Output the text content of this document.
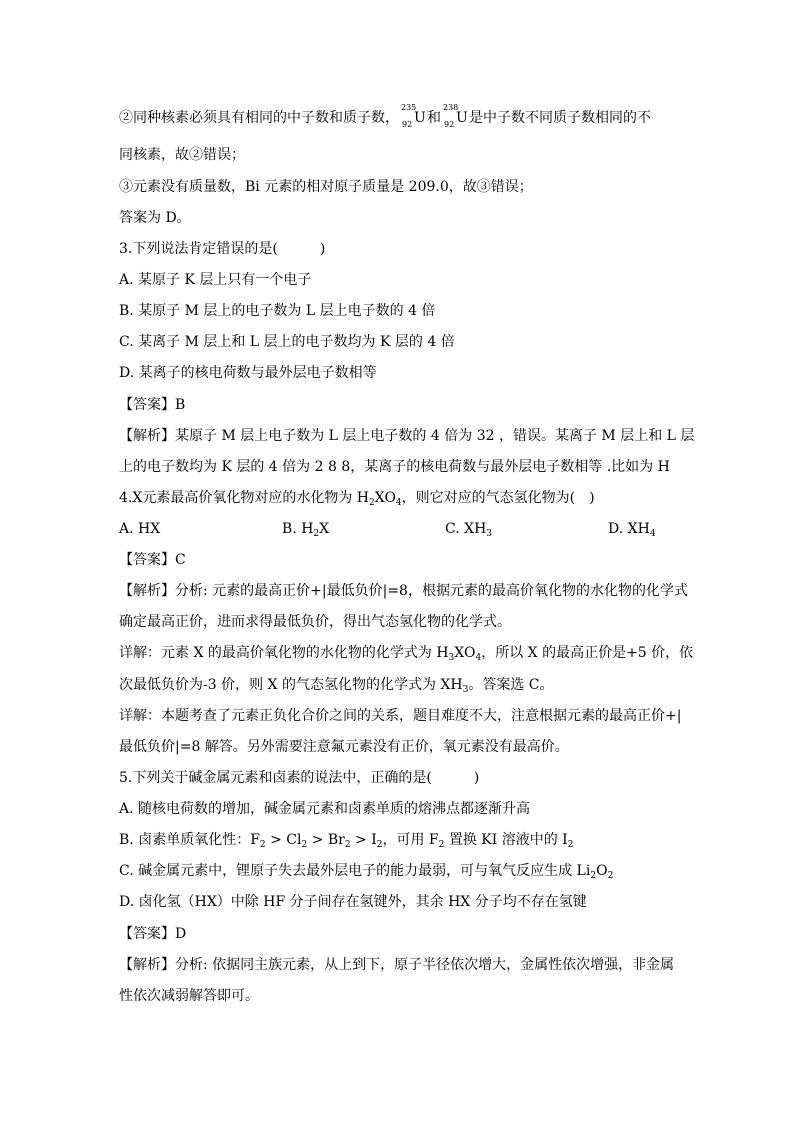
②同种核素必须具有相同的中子数和质子数，
235
92 U 和
238
92 U 是中子数不同质子数相同的不
同核素，故②错误；
③元素没有质量数，Bi 元素的相对原子质量是 209.0，故③错误；
答案为 D。
3.下列说法肯定错误的是(　　　)
A. 某原子 K 层上只有一个电子
B. 某原子 M 层上的电子数为 L 层上电子数的 4 倍
C. 某离子 M 层上和 L 层上的电子数均为 K 层的 4 倍
D. 某离子的核电荷数与最外层电子数相等
【答案】B
【解析】某原子 M 层上电子数为 L 层上电子数的 4 倍为 32 ，错误。某离子 M 层上和 L 层
上的电子数均为 K 层的 4 倍为 2 8 8，某离子的核电荷数与最外层电子数相等 .比如为 H
4.X元素最高价氧化物对应的水化物为 $H_2XO_4$，则它对应的气态氢化物为(　)
A. HX	B. $H_2X$	C. $XH_3$	D. $XH_4$
【答案】C
【解析】分析: 元素的最高正价+|最低负价|=8，根据元素的最高价氧化物的水化物的化学式
确定最高正价，进而求得最低负价，得出气态氢化物的化学式。
详解：元素 X 的最高价氧化物的水化物的化学式为 $H_3XO_4$，所以 X 的最高正价是+5 价，依
次最低负价为-3 价，则 X 的气态氢化物的化学式为 $XH_3$。答案选 C。
详解：本题考查了元素正负化合价之间的关系，题目难度不大，注意根据元素的最高正价+|
最低负价|=8 解答。另外需要注意氟元素没有正价，氧元素没有最高价。
5.下列关于碱金属元素和卤素的说法中，正确的是(　　　)
A. 随核电荷数的增加，碱金属元素和卤素单质的熔沸点都逐渐升高
B. 卤素单质氧化性：$F_2 > Cl_2 > Br_2 > I_2$，可用 $F_2$ 置换 KI 溶液中的 $I_2$
C. 碱金属元素中，锂原子失去最外层电子的能力最弱，可与氧气反应生成 $Li_2O_2$
D. 卤化氢（HX）中除 HF 分子间存在氢键外，其余 HX 分子均不存在氢键
【答案】D
【解析】分析: 依据同主族元素，从上到下，原子半径依次增大，金属性依次增强，非金属
性依次减弱解答即可。
